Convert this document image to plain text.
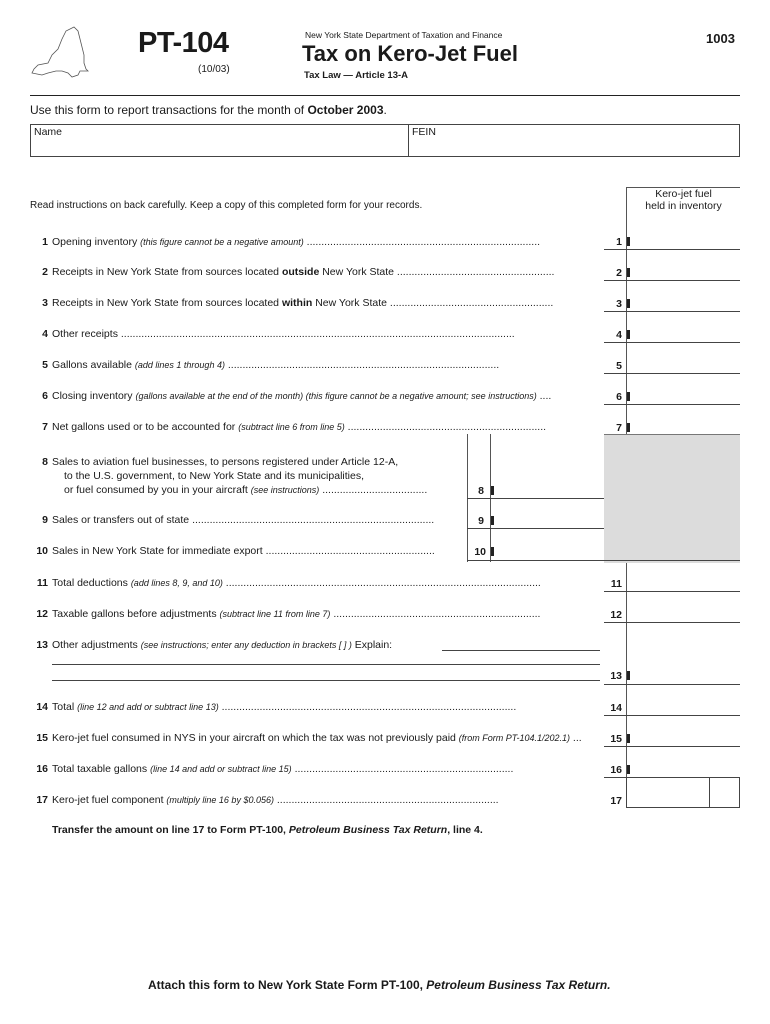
PT-104
(10/03)
New York State Department of Taxation and Finance
Tax on Kero-Jet Fuel
Tax Law — Article 13-A
1003
Use this form to report transactions for the month of October 2003.
Name	FEIN
Read instructions on back carefully. Keep a copy of this completed form for your records.
Kero-jet fuel
held in inventory
1 Opening inventory (this figure cannot be a negative amount) ................................................................................	1
2 Receipts in New York State from sources located outside New York State ......................................................	2
3 Receipts in New York State from sources located within New York State ........................................................	3
4 Other receipts .......................................................................................................................................	4
5 Gallons available (add lines 1 through 4) .............................................................................................	5
6 Closing inventory (gallons available at the end of the month) (this figure cannot be a negative amount; see instructions) ....	6
7 Net gallons used or to be accounted for (subtract line 6 from line 5) ....................................................................	7
8 Sales to aviation fuel businesses, to persons registered under Article 12-A,
to the U.S. government, to New York State and its municipalities,
or fuel consumed by you in your aircraft (see instructions) ....................................	8
9 Sales or transfers out of state ...................................................................................	9
10 Sales in New York State for immediate export ..........................................................	10
11 Total deductions (add lines 8, 9, and 10) ............................................................................................................	11
12 Taxable gallons before adjustments (subtract line 11 from line 7) .......................................................................	12
13 Other adjustments (see instructions; enter any deduction in brackets [ ] ) Explain:
13
14 Total (line 12 and add or subtract line 13) .....................................................................................................	14
15 Kero-jet fuel consumed in NYS in your aircraft on which the tax was not previously paid (from Form PT-104.1/202.1) ...	15
16 Total taxable gallons (line 14 and add or subtract line 15) ...........................................................................	16
17 Kero-jet fuel component (multiply line 16 by $0.056) ............................................................................	17
Transfer the amount on line 17 to Form PT-100, Petroleum Business Tax Return, line 4.
Attach this form to New York State Form PT-100, Petroleum Business Tax Return.
